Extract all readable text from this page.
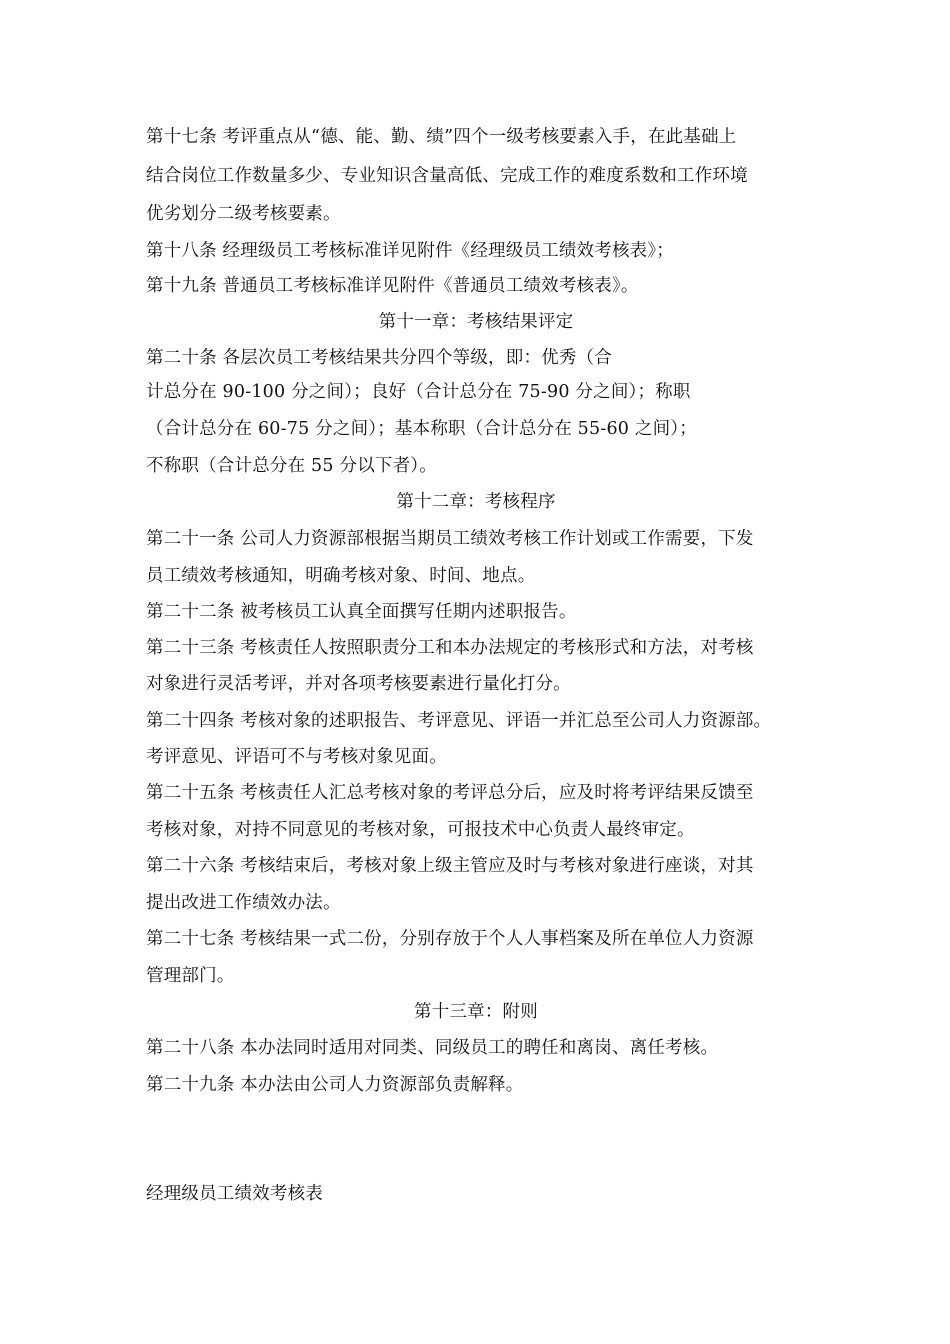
第十七条 考评重点从“德、能、勤、绩”四个一级考核要素入手，在此基础上
结合岗位工作数量多少、专业知识含量高低、完成工作的难度系数和工作环境
优劣划分二级考核要素。
第十八条 经理级员工考核标准详见附件《经理级员工绩效考核表》；
第十九条 普通员工考核标准详见附件《普通员工绩效考核表》。
第十一章：考核结果评定
第二十条 各层次员工考核结果共分四个等级，即：优秀（合
计总分在 90-100 分之间）；良好（合计总分在 75-90 分之间）；称职
（合计总分在 60-75 分之间）；基本称职（合计总分在 55-60 之间）；
不称职（合计总分在 55 分以下者）。
第十二章：考核程序
第二十一条 公司人力资源部根据当期员工绩效考核工作计划或工作需要，下发
员工绩效考核通知，明确考核对象、时间、地点。
第二十二条 被考核员工认真全面撰写任期内述职报告。
第二十三条 考核责任人按照职责分工和本办法规定的考核形式和方法，对考核
对象进行灵活考评，并对各项考核要素进行量化打分。
第二十四条 考核对象的述职报告、考评意见、评语一并汇总至公司人力资源部。
考评意见、评语可不与考核对象见面。
第二十五条 考核责任人汇总考核对象的考评总分后，应及时将考评结果反馈至
考核对象，对持不同意见的考核对象，可报技术中心负责人最终审定。
第二十六条 考核结束后，考核对象上级主管应及时与考核对象进行座谈，对其
提出改进工作绩效办法。
第二十七条 考核结果一式二份，分别存放于个人人事档案及所在单位人力资源
管理部门。
第十三章：附则
第二十八条 本办法同时适用对同类、同级员工的聘任和离岗、离任考核。
第二十九条 本办法由公司人力资源部负责解释。
经理级员工绩效考核表
